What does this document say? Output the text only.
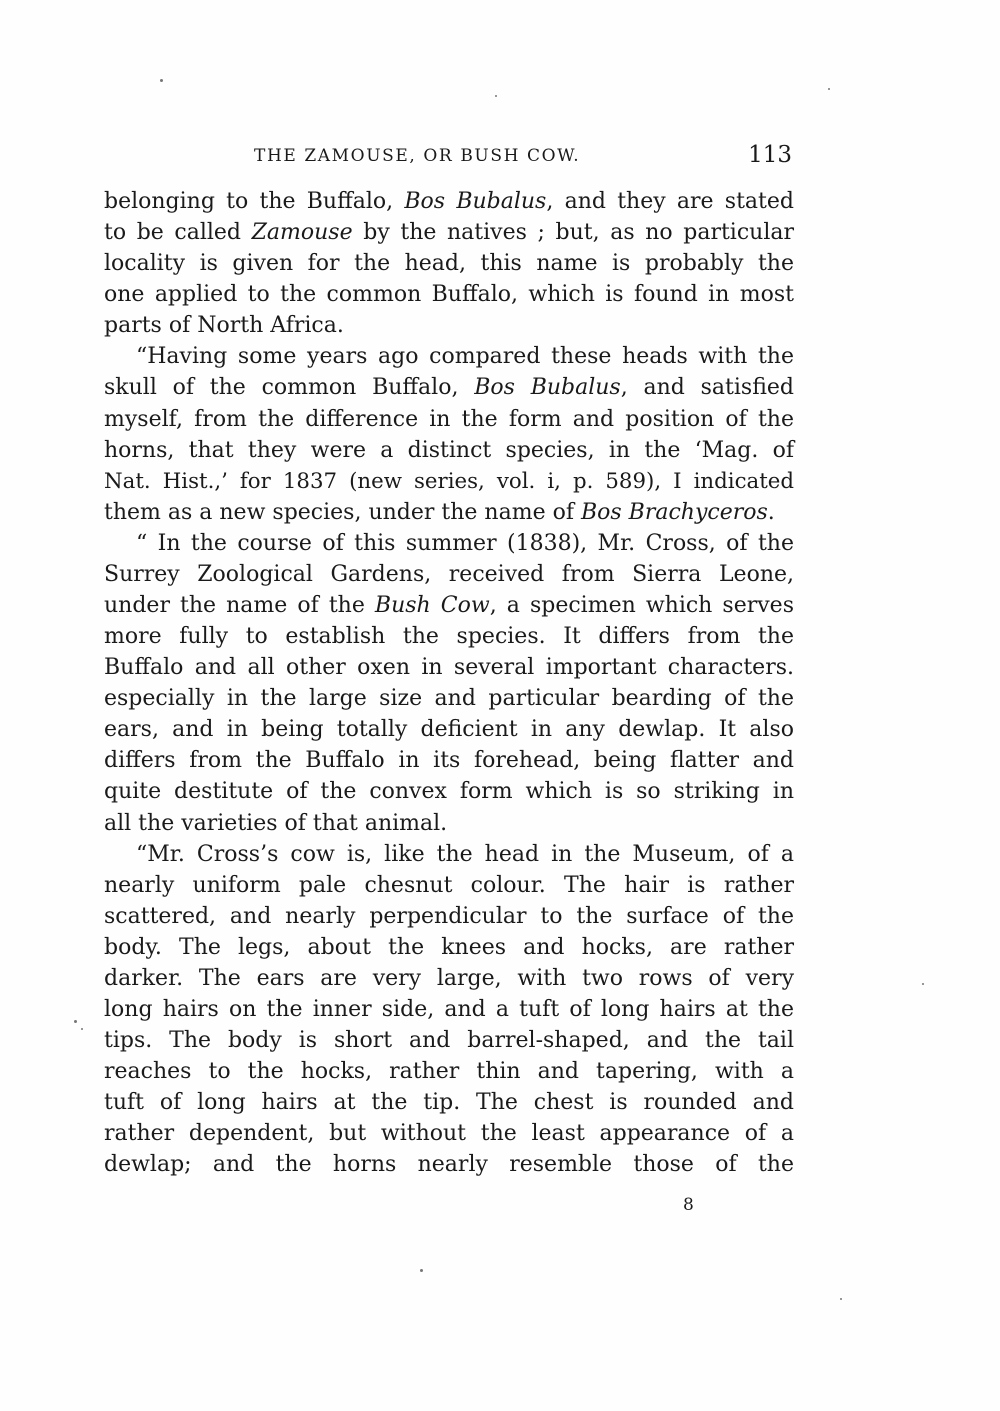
THE ZAMOUSE, OR BUSH COW.	113
belonging to the Buffalo, Bos Bubalus, and they are stated
to be called Zamouse by the natives ; but, as no particular
locality is given for the head, this name is probably the
one applied to the common Buffalo, which is found in most
parts of North Africa.
“Having some years ago compared these heads with the
skull of the common Buffalo, Bos Bubalus, and satisfied
myself, from the difference in the form and position of the
horns, that they were a distinct species, in the ‘Mag. of
Nat. Hist.,’ for 1837 (new series, vol. i, p. 589), I indicated
them as a new species, under the name of Bos Brachyceros.
“ In the course of this summer (1838), Mr. Cross, of the
Surrey Zoological Gardens, received from Sierra Leone,
under the name of the Bush Cow, a specimen which serves
more fully to establish the species. It differs from the
Buffalo and all other oxen in several important characters.
especially in the large size and particular bearding of the
ears, and in being totally deficient in any dewlap. It also
differs from the Buffalo in its forehead, being flatter and
quite destitute of the convex form which is so striking in
all the varieties of that animal.
“Mr. Cross’s cow is, like the head in the Museum, of a
nearly uniform pale chesnut colour. The hair is rather
scattered, and nearly perpendicular to the surface of the
body. The legs, about the knees and hocks, are rather
darker. The ears are very large, with two rows of very
long hairs on the inner side, and a tuft of long hairs at the
tips. The body is short and barrel-shaped, and the tail
reaches to the hocks, rather thin and tapering, with a
tuft of long hairs at the tip. The chest is rounded and
rather dependent, but without the least appearance of a
dewlap; and the horns nearly resemble those of the
8
